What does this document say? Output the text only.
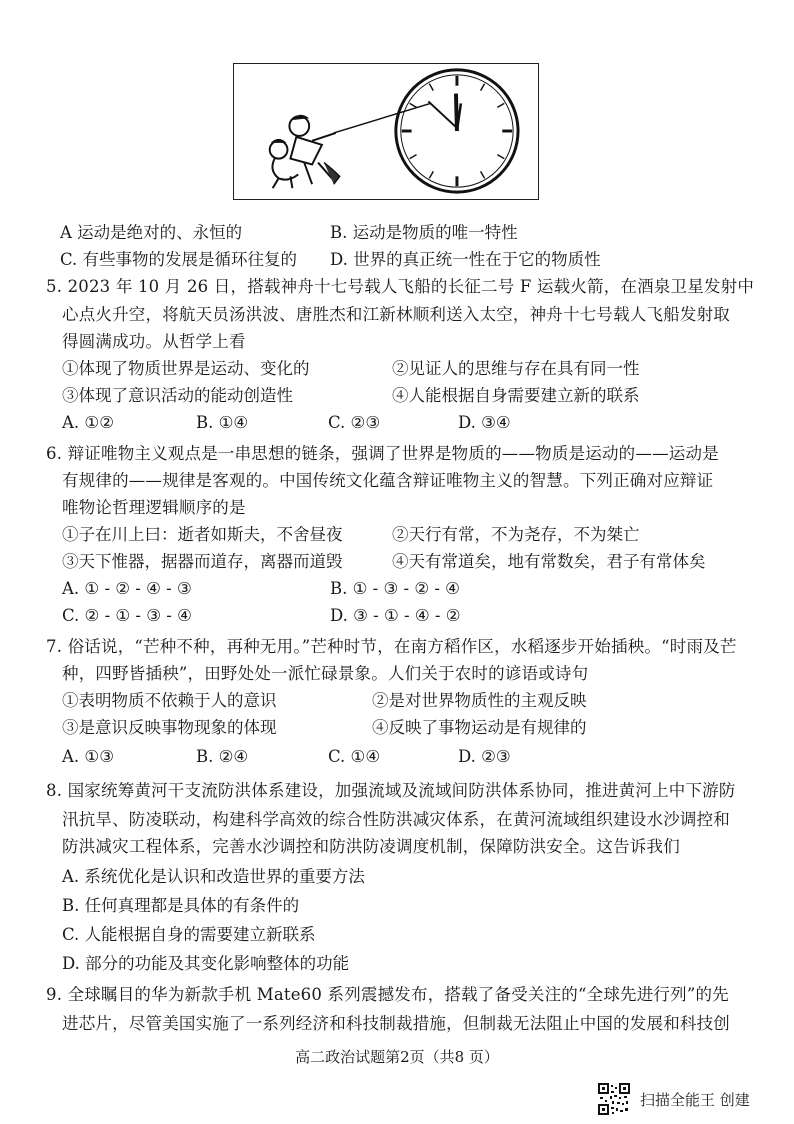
A 运动是绝对的、永恒的	B. 运动是物质的唯一特性
C. 有些事物的发展是循环往复的 D. 世界的真正统一性在于它的物质性
5. 2023 年 10 月 26 日，搭载神舟十七号载人飞船的长征二号 F 运载火箭，在酒泉卫星发射中
心点火升空，将航天员汤洪波、唐胜杰和江新林顺利送入太空，神舟十七号载人飞船发射取
得圆满成功。从哲学上看
①体现了物质世界是运动、变化的	②见证人的思维与存在具有同一性
③体现了意识活动的能动创造性	④人能根据自身需要建立新的联系
A. ①②	B. ①④	C. ②③	D. ③④
6. 辩证唯物主义观点是一串思想的链条，强调了世界是物质的——物质是运动的——运动是
有规律的——规律是客观的。中国传统文化蕴含辩证唯物主义的智慧。下列正确对应辩证
唯物论哲理逻辑顺序的是
①子在川上曰：逝者如斯夫，不舍昼夜	②天行有常，不为尧存，不为桀亡
③天下惟器，据器而道存，离器而道毁	④天有常道矣，地有常数矣，君子有常体矣
A. ① - ② - ④ - ③	B. ① - ③ - ② - ④
C. ② - ① - ③ - ④	D. ③ - ① - ④ - ②
7. 俗话说，“芒种不种，再种无用。”芒种时节，在南方稻作区，水稻逐步开始插秧。“时雨及芒
种，四野皆插秧”，田野处处一派忙碌景象。人们关于农时的谚语或诗句
①表明物质不依赖于人的意识	②是对世界物质性的主观反映
③是意识反映事物现象的体现	④反映了事物运动是有规律的
A. ①③	B. ②④	C. ①④	D. ②③
8. 国家统筹黄河干支流防洪体系建设，加强流域及流域间防洪体系协同，推进黄河上中下游防
汛抗旱、防凌联动，构建科学高效的综合性防洪减灾体系，在黄河流域组织建设水沙调控和
防洪减灾工程体系，完善水沙调控和防洪防凌调度机制，保障防洪安全。这告诉我们
A. 系统优化是认识和改造世界的重要方法
B. 任何真理都是具体的有条件的
C. 人能根据自身的需要建立新联系
D. 部分的功能及其变化影响整体的功能
9. 全球瞩目的华为新款手机 Mate60 系列震撼发布，搭载了备受关注的“全球先进行列”的先
进芯片，尽管美国实施了一系列经济和科技制裁措施，但制裁无法阻止中国的发展和科技创
高二政治试题第2页（共8 页）
扫描全能王 创建
